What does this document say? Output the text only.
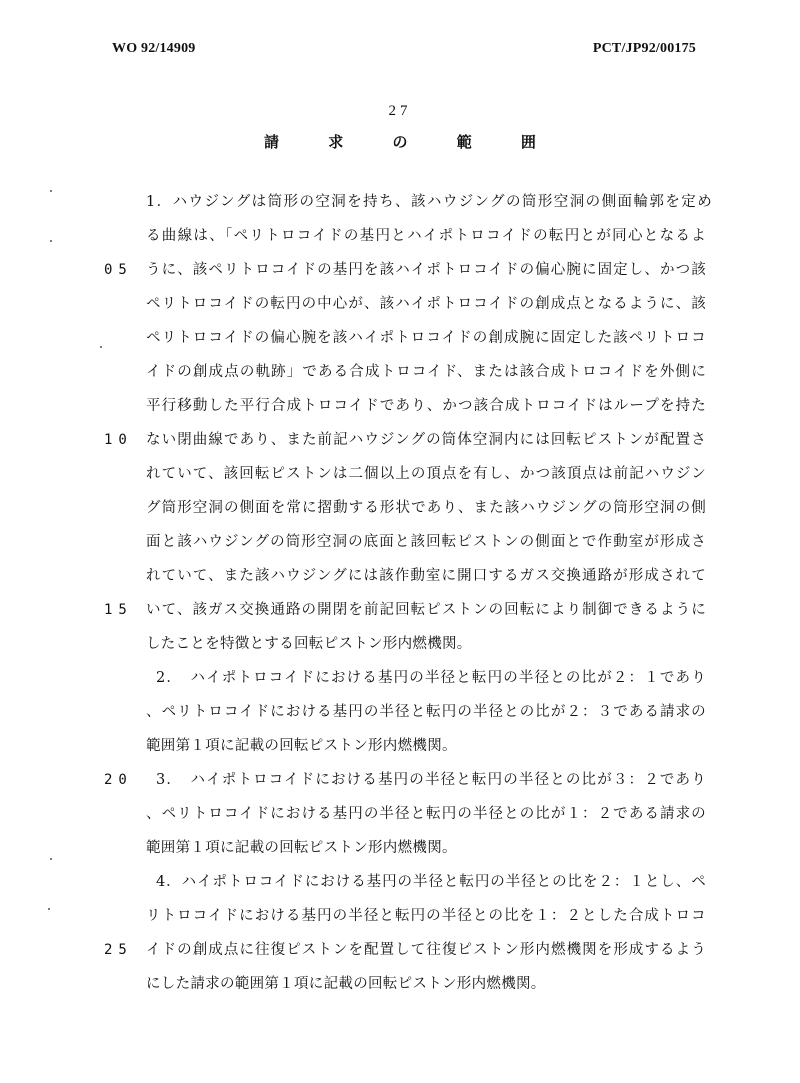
WO 92/14909	PCT/JP92/00175
27
請 求 の 範 囲
1．ハウジングは筒形の空洞を持ち、該ハウジングの筒形空洞の側面輪郭を定め
る曲線は、「ペリトロコイドの基円とハイポトロコイドの転円とが同心となるよ
うに、該ペリトロコイドの基円を該ハイポトロコイドの偏心腕に固定し、かつ該
ペリトロコイドの転円の中心が、該ハイポトロコイドの創成点となるように、該
ペリトロコイドの偏心腕を該ハイポトロコイドの創成腕に固定した該ペリトロコ
イドの創成点の軌跡」である合成トロコイド、または該合成トロコイドを外側に
平行移動した平行合成トロコイドであり、かつ該合成トロコイドはループを持た
ない閉曲線であり、また前記ハウジングの筒体空洞内には回転ピストンが配置さ
れていて、該回転ピストンは二個以上の頂点を有し、かつ該頂点は前記ハウジン
グ筒形空洞の側面を常に摺動する形状であり、また該ハウジングの筒形空洞の側
面と該ハウジングの筒形空洞の底面と該回転ピストンの側面とで作動室が形成さ
れていて、また該ハウジングには該作動室に開口するガス交換通路が形成されて
いて、該ガス交換通路の開閉を前記回転ピストンの回転により制御できるように
したことを特徴とする回転ピストン形内燃機関。
2．　ハイポトロコイドにおける基円の半径と転円の半径との比が２：１であり
、ペリトロコイドにおける基円の半径と転円の半径との比が２：３である請求の
範囲第１項に記載の回転ピストン形内燃機関。
3．　ハイポトロコイドにおける基円の半径と転円の半径との比が３：２であり
、ペリトロコイドにおける基円の半径と転円の半径との比が１：２である請求の
範囲第１項に記載の回転ピストン形内燃機関。
4．ハイポトロコイドにおける基円の半径と転円の半径との比を２：１とし、ペ
リトロコイドにおける基円の半径と転円の半径との比を１：２とした合成トロコ
イドの創成点に往復ピストンを配置して往復ピストン形内燃機関を形成するよう
にした請求の範囲第１項に記載の回転ピストン形内燃機関。
05
10
15
20
25
